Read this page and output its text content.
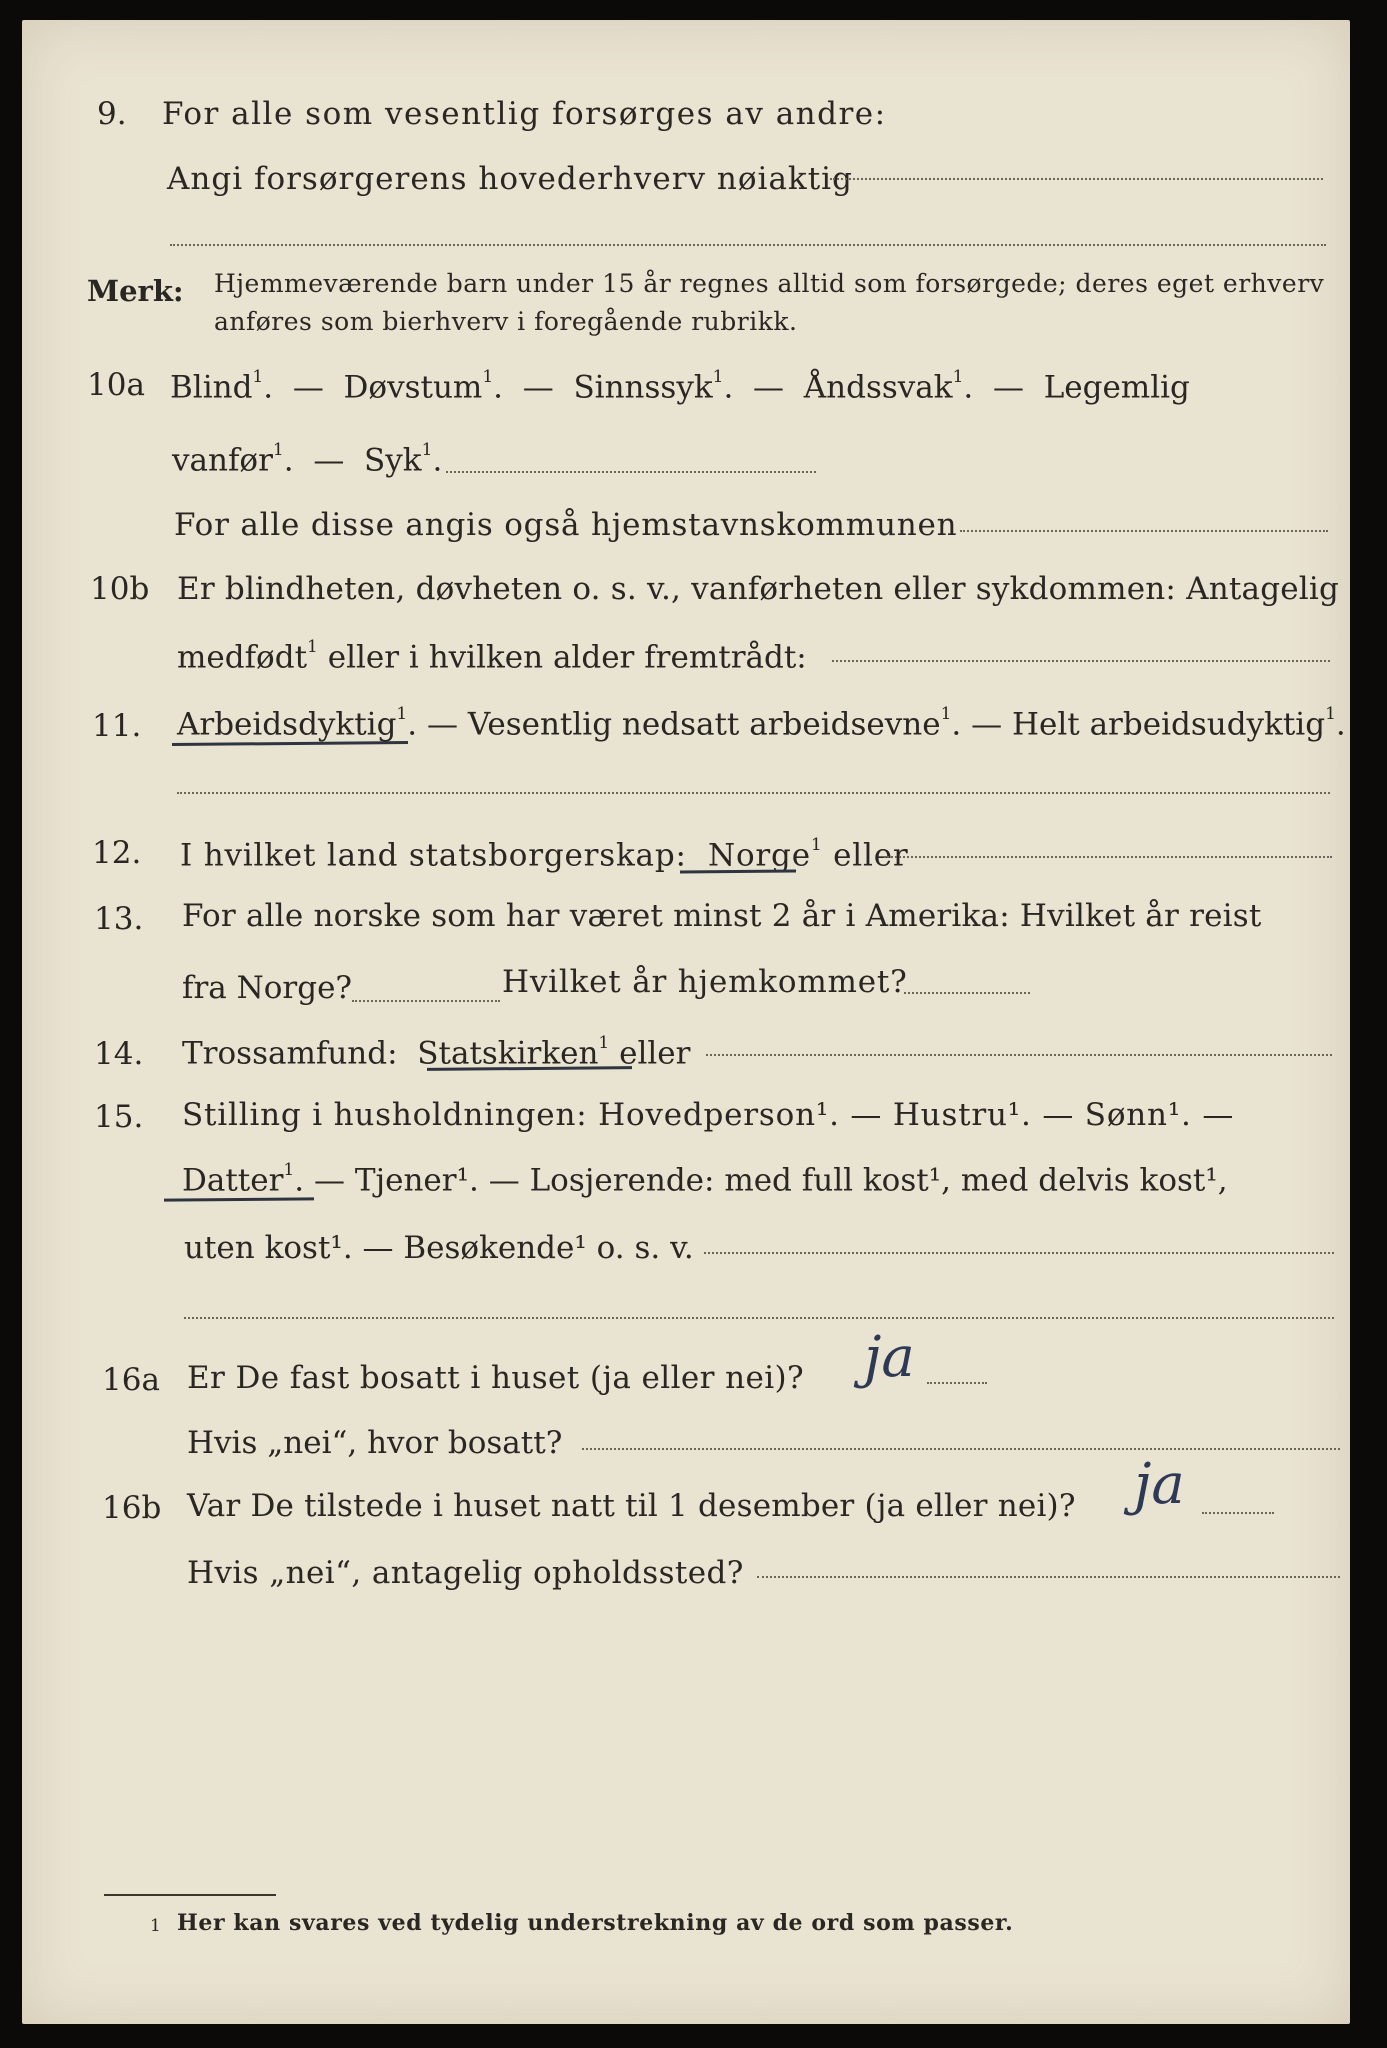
9. For alle som vesentlig forsørges av andre:
Angi forsørgerens hovederhverv nøiaktig
Merk: Hjemmeværende barn under 15 år regnes alltid som forsørgede; deres eget erhverv anføres som bierhverv i foregående rubrikk.
10a Blind$^1$.  —  Døvstum$^1$.  —  Sinnssyk$^1$.  —  Åndssvak$^1$.  —  Legemlig
vanfør$^1$.  —  Syk$^1$.
For alle disse angis også hjemstavnskommunen
10b Er blindheten, døvheten o. s. v., vanførheten eller sykdommen: Antagelig
medfødt$^1$ eller i hvilken alder fremtrådt:
11. Arbeidsdyktig$^1$. — Vesentlig nedsatt arbeidsevne$^1$. — Helt arbeidsudyktig$^1$.
12. I hvilket land statsborgerskap: Norge$^1$ eller
13. For alle norske som har været minst 2 år i Amerika: Hvilket år reist
fra Norge?	Hvilket år hjemkommet?
14. Trossamfund: Statskirken$^1$ eller
15. Stilling i husholdningen: Hovedperson¹. — Hustru¹. — Sønn¹. —
Datter$^1$. — Tjener¹. — Losjerende: med full kost¹, med delvis kost¹,
uten kost¹. — Besøkende¹ o. s. v.
16a Er De fast bosatt i huset (ja eller nei)? ja
Hvis „nei“, hvor bosatt?
16b Var De tilstede i huset natt til 1 desember (ja eller nei)? ja
Hvis „nei“, antagelig opholdssted?
1 Her kan svares ved tydelig understrekning av de ord som passer.
